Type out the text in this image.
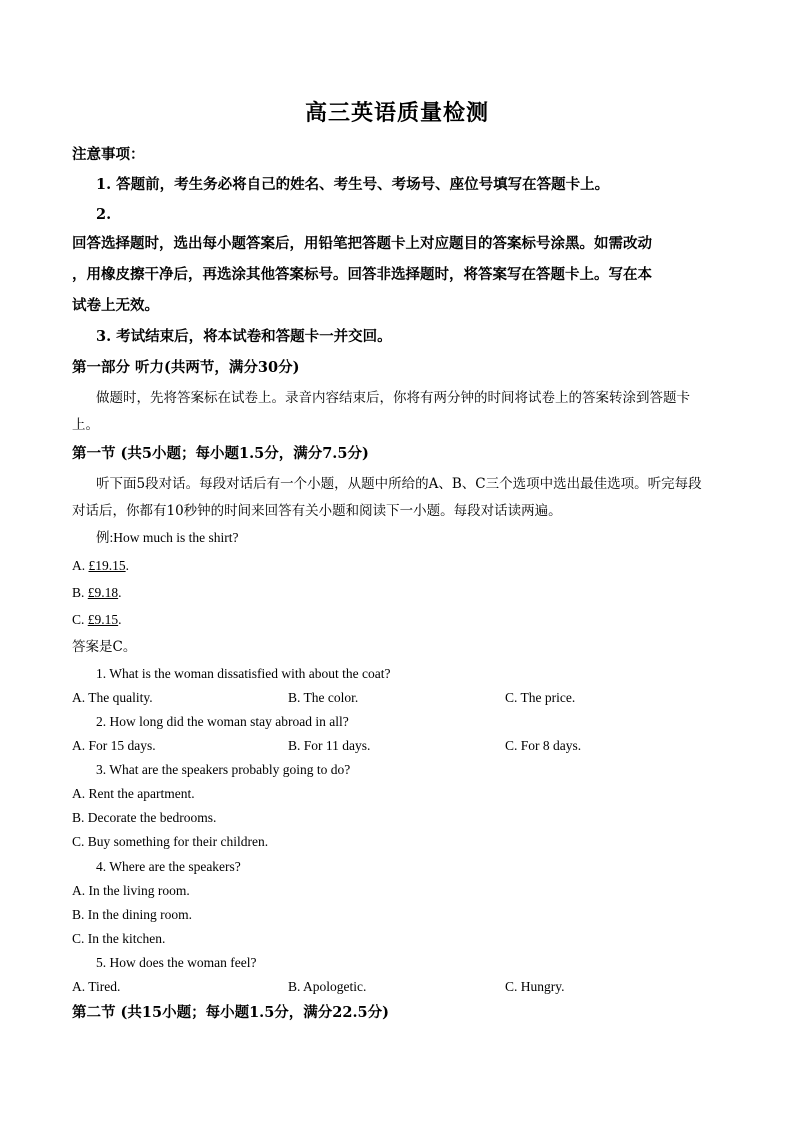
高三英语质量检测
注意事项：
1. 答题前，考生务必将自己的姓名、考生号、考场号、座位号填写在答题卡上。
2.
回答选择题时，选出每小题答案后，用铅笔把答题卡上对应题目的答案标号涂黑。如需改动
，用橡皮擦干净后，再选涂其他答案标号。回答非选择题时，将答案写在答题卡上。写在本
试卷上无效。
3. 考试结束后，将本试卷和答题卡一并交回。
第一部分 听力(共两节，满分30分)
做题时，先将答案标在试卷上。录音内容结束后，你将有两分钟的时间将试卷上的答案转涂到答题卡
上。
第一节 (共5小题；每小题1.5分，满分7.5分)
听下面5段对话。每段对话后有一个小题，从题中所给的A、B、C三个选项中选出最佳选项。听完每段
对话后，你都有10秒钟的时间来回答有关小题和阅读下一小题。每段对话读两遍。
例:How much is the shirt?
A. £19.15.
B. £9.18.
C. £9.15.
答案是C。
1. What is the woman dissatisfied with about the coat?
A. The quality.	B. The color.	C. The price.
2. How long did the woman stay abroad in all?
A. For 15 days.	B. For 11 days.	C. For 8 days.
3. What are the speakers probably going to do?
A. Rent the apartment.
B. Decorate the bedrooms.
C. Buy something for their children.
4. Where are the speakers?
A. In the living room.
B. In the dining room.
C. In the kitchen.
5. How does the woman feel?
A. Tired.	B. Apologetic.	C. Hungry.
第二节 (共15小题；每小题1.5分，满分22.5分)
